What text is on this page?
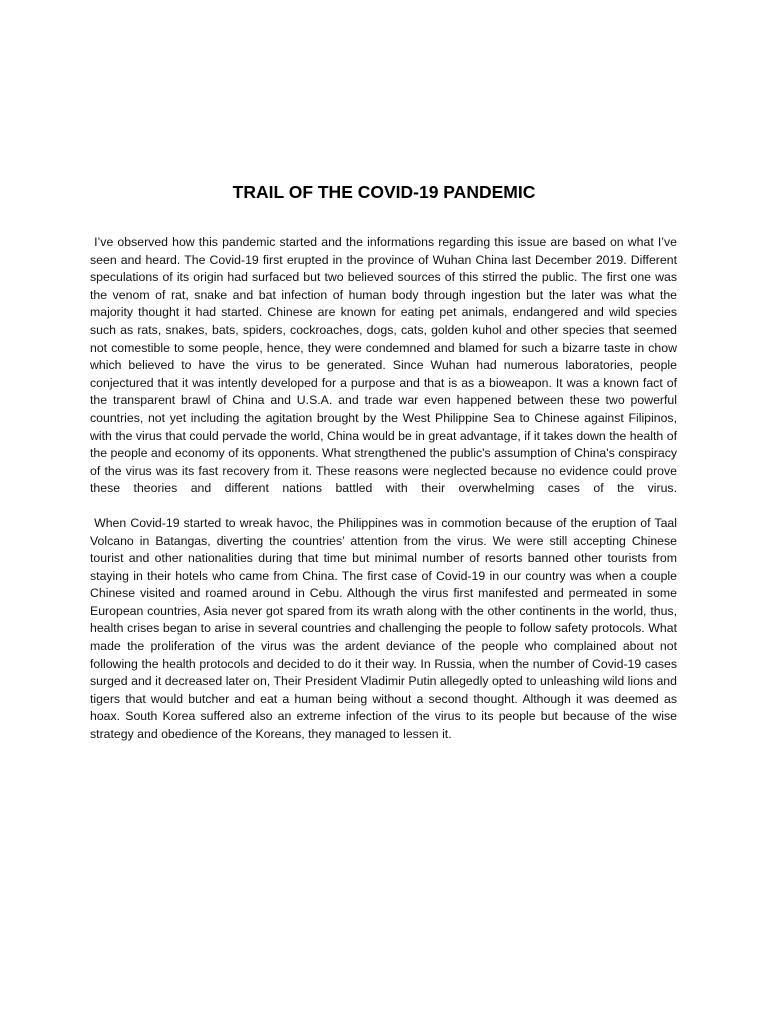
TRAIL OF THE COVID-19 PANDEMIC

I’ve observed how this pandemic started and the informations regarding this issue are based on what I’ve seen and heard. The Covid-19 first erupted in the province of Wuhan China last December 2019. Different speculations of its origin had surfaced but two believed sources of this stirred the public. The first one was the venom of rat, snake and bat infection of human body through ingestion but the later was what the majority thought it had started. Chinese are known for eating pet animals, endangered and wild species such as rats, snakes, bats, spiders, cockroaches, dogs, cats, golden kuhol and other species that seemed not comestible to some people, hence, they were condemned and blamed for such a bizarre taste in chow which believed to have the virus to be generated. Since Wuhan had numerous laboratories, people conjectured that it was intently developed for a purpose and that is as a bioweapon. It was a known fact of the transparent brawl of China and U.S.A. and trade war even happened between these two powerful countries, not yet including the agitation brought by the West Philippine Sea to Chinese against Filipinos, with the virus that could pervade the world, China would be in great advantage, if it takes down the health of the people and economy of its opponents. What strengthened the public's assumption of China's conspiracy of the virus was its fast recovery from it. These reasons were neglected because no evidence could prove these theories and different nations battled with their overwhelming cases of the virus.

When Covid-19 started to wreak havoc, the Philippines was in commotion because of the eruption of Taal Volcano in Batangas, diverting the countries’ attention from the virus. We were still accepting Chinese tourist and other nationalities during that time but minimal number of resorts banned other tourists from staying in their hotels who came from China. The first case of Covid-19 in our country was when a couple Chinese visited and roamed around in Cebu. Although the virus first manifested and permeated in some European countries, Asia never got spared from its wrath along with the other continents in the world, thus, health crises began to arise in several countries and challenging the people to follow safety protocols. What made the proliferation of the virus was the ardent deviance of the people who complained about not following the health protocols and decided to do it their way. In Russia, when the number of Covid-19 cases surged and it decreased later on, Their President Vladimir Putin allegedly opted to unleashing wild lions and tigers that would butcher and eat a human being without a second thought. Although it was deemed as hoax. South Korea suffered also an extreme infection of the virus to its people but because of the wise strategy and obedience of the Koreans, they managed to lessen it.
